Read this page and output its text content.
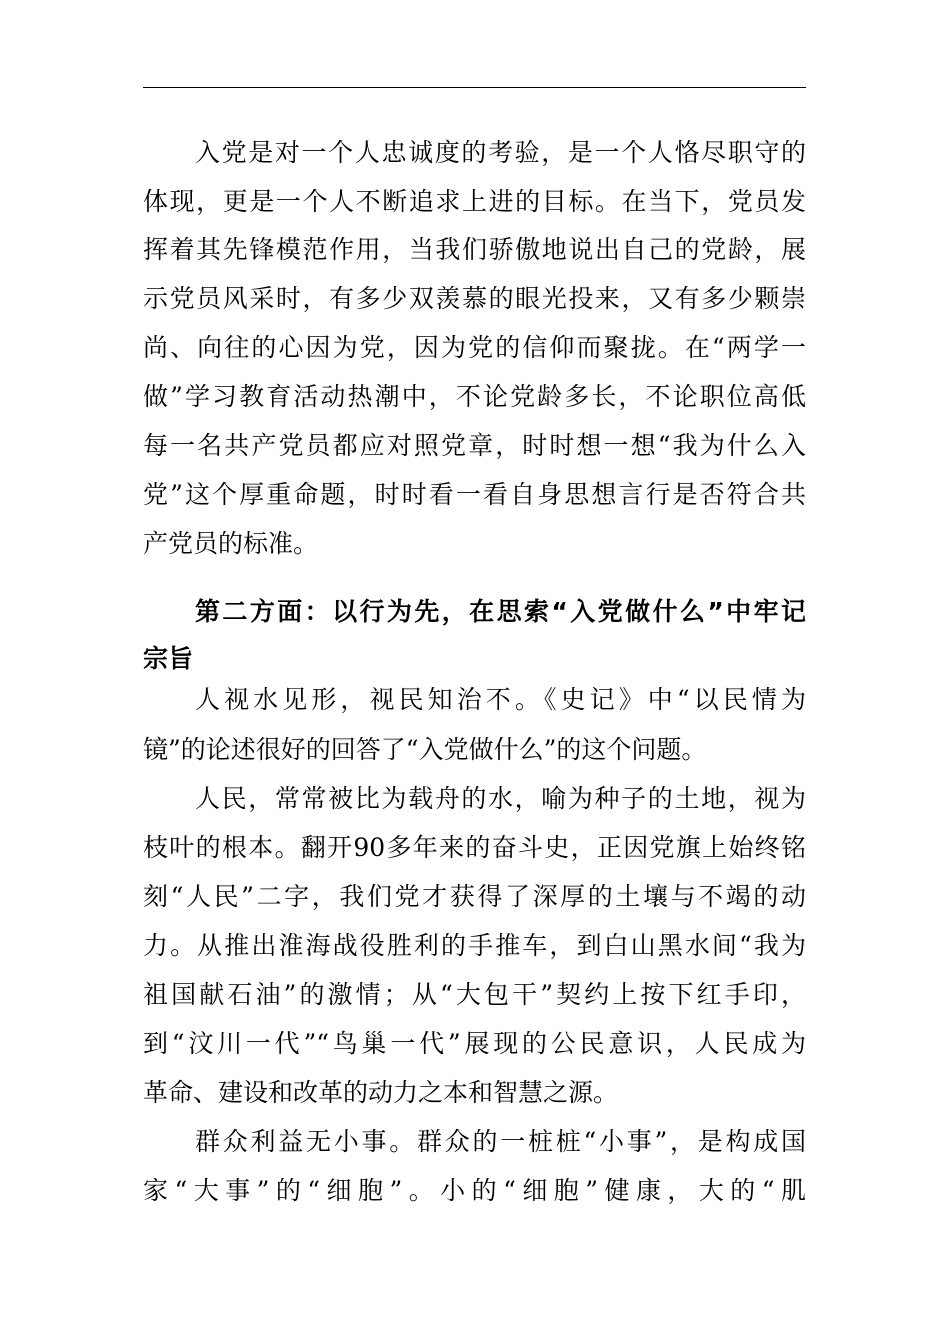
入党是对一个人忠诚度的考验，是一个人恪尽职守的
体现，更是一个人不断追求上进的目标。在当下，党员发
挥着其先锋模范作用，当我们骄傲地说出自己的党龄，展
示党员风采时，有多少双羡慕的眼光投来，又有多少颗崇
尚、向往的心因为党，因为党的信仰而聚拢。在“两学一
做”学习教育活动热潮中，不论党龄多长，不论职位高低
每一名共产党员都应对照党章，时时想一想“我为什么入
党”这个厚重命题，时时看一看自身思想言行是否符合共
产党员的标准。
第二方面：以行为先，在思索“入党做什么”中牢记
宗旨
人视水见形，视民知治不。《史记》中“以民情为
镜”的论述很好的回答了“入党做什么”的这个问题。
人民，常常被比为载舟的水，喻为种子的土地，视为
枝叶的根本。翻开90多年来的奋斗史，正因党旗上始终铭
刻“人民”二字，我们党才获得了深厚的土壤与不竭的动
力。从推出淮海战役胜利的手推车，到白山黑水间“我为
祖国献石油”的激情；从“大包干”契约上按下红手印，
到“汶川一代”“鸟巢一代”展现的公民意识，人民成为
革命、建设和改革的动力之本和智慧之源。
群众利益无小事。群众的一桩桩“小事”，是构成国
家“大事”的“细胞”。小的“细胞”健康，大的“肌
